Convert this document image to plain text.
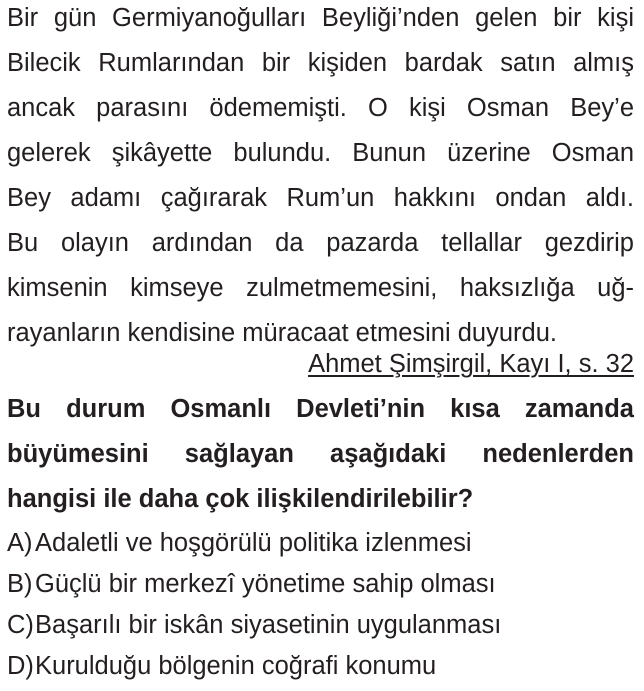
Bir gün Germiyanoğulları Beyliği’nden gelen bir kişi
Bilecik Rumlarından bir kişiden bardak satın almış
ancak parasını ödememişti. O kişi Osman Bey’e
gelerek şikâyette bulundu. Bunun üzerine Osman
Bey adamı çağırarak Rum’un hakkını ondan aldı.
Bu olayın ardından da pazarda tellallar gezdirip
kimsenin kimseye zulmetmemesini, haksızlığa uğ-
rayanların kendisine müracaat etmesini duyurdu.
Ahmet Şimşirgil, Kayı I, s. 32
Bu durum Osmanlı Devleti’nin kısa zamanda
büyümesini sağlayan aşağıdaki nedenlerden
hangisi ile daha çok ilişkilendirilebilir?
A) Adaletli ve hoşgörülü politika izlenmesi
B) Güçlü bir merkezî yönetime sahip olması
C) Başarılı bir iskân siyasetinin uygulanması
D) Kurulduğu bölgenin coğrafi konumu
